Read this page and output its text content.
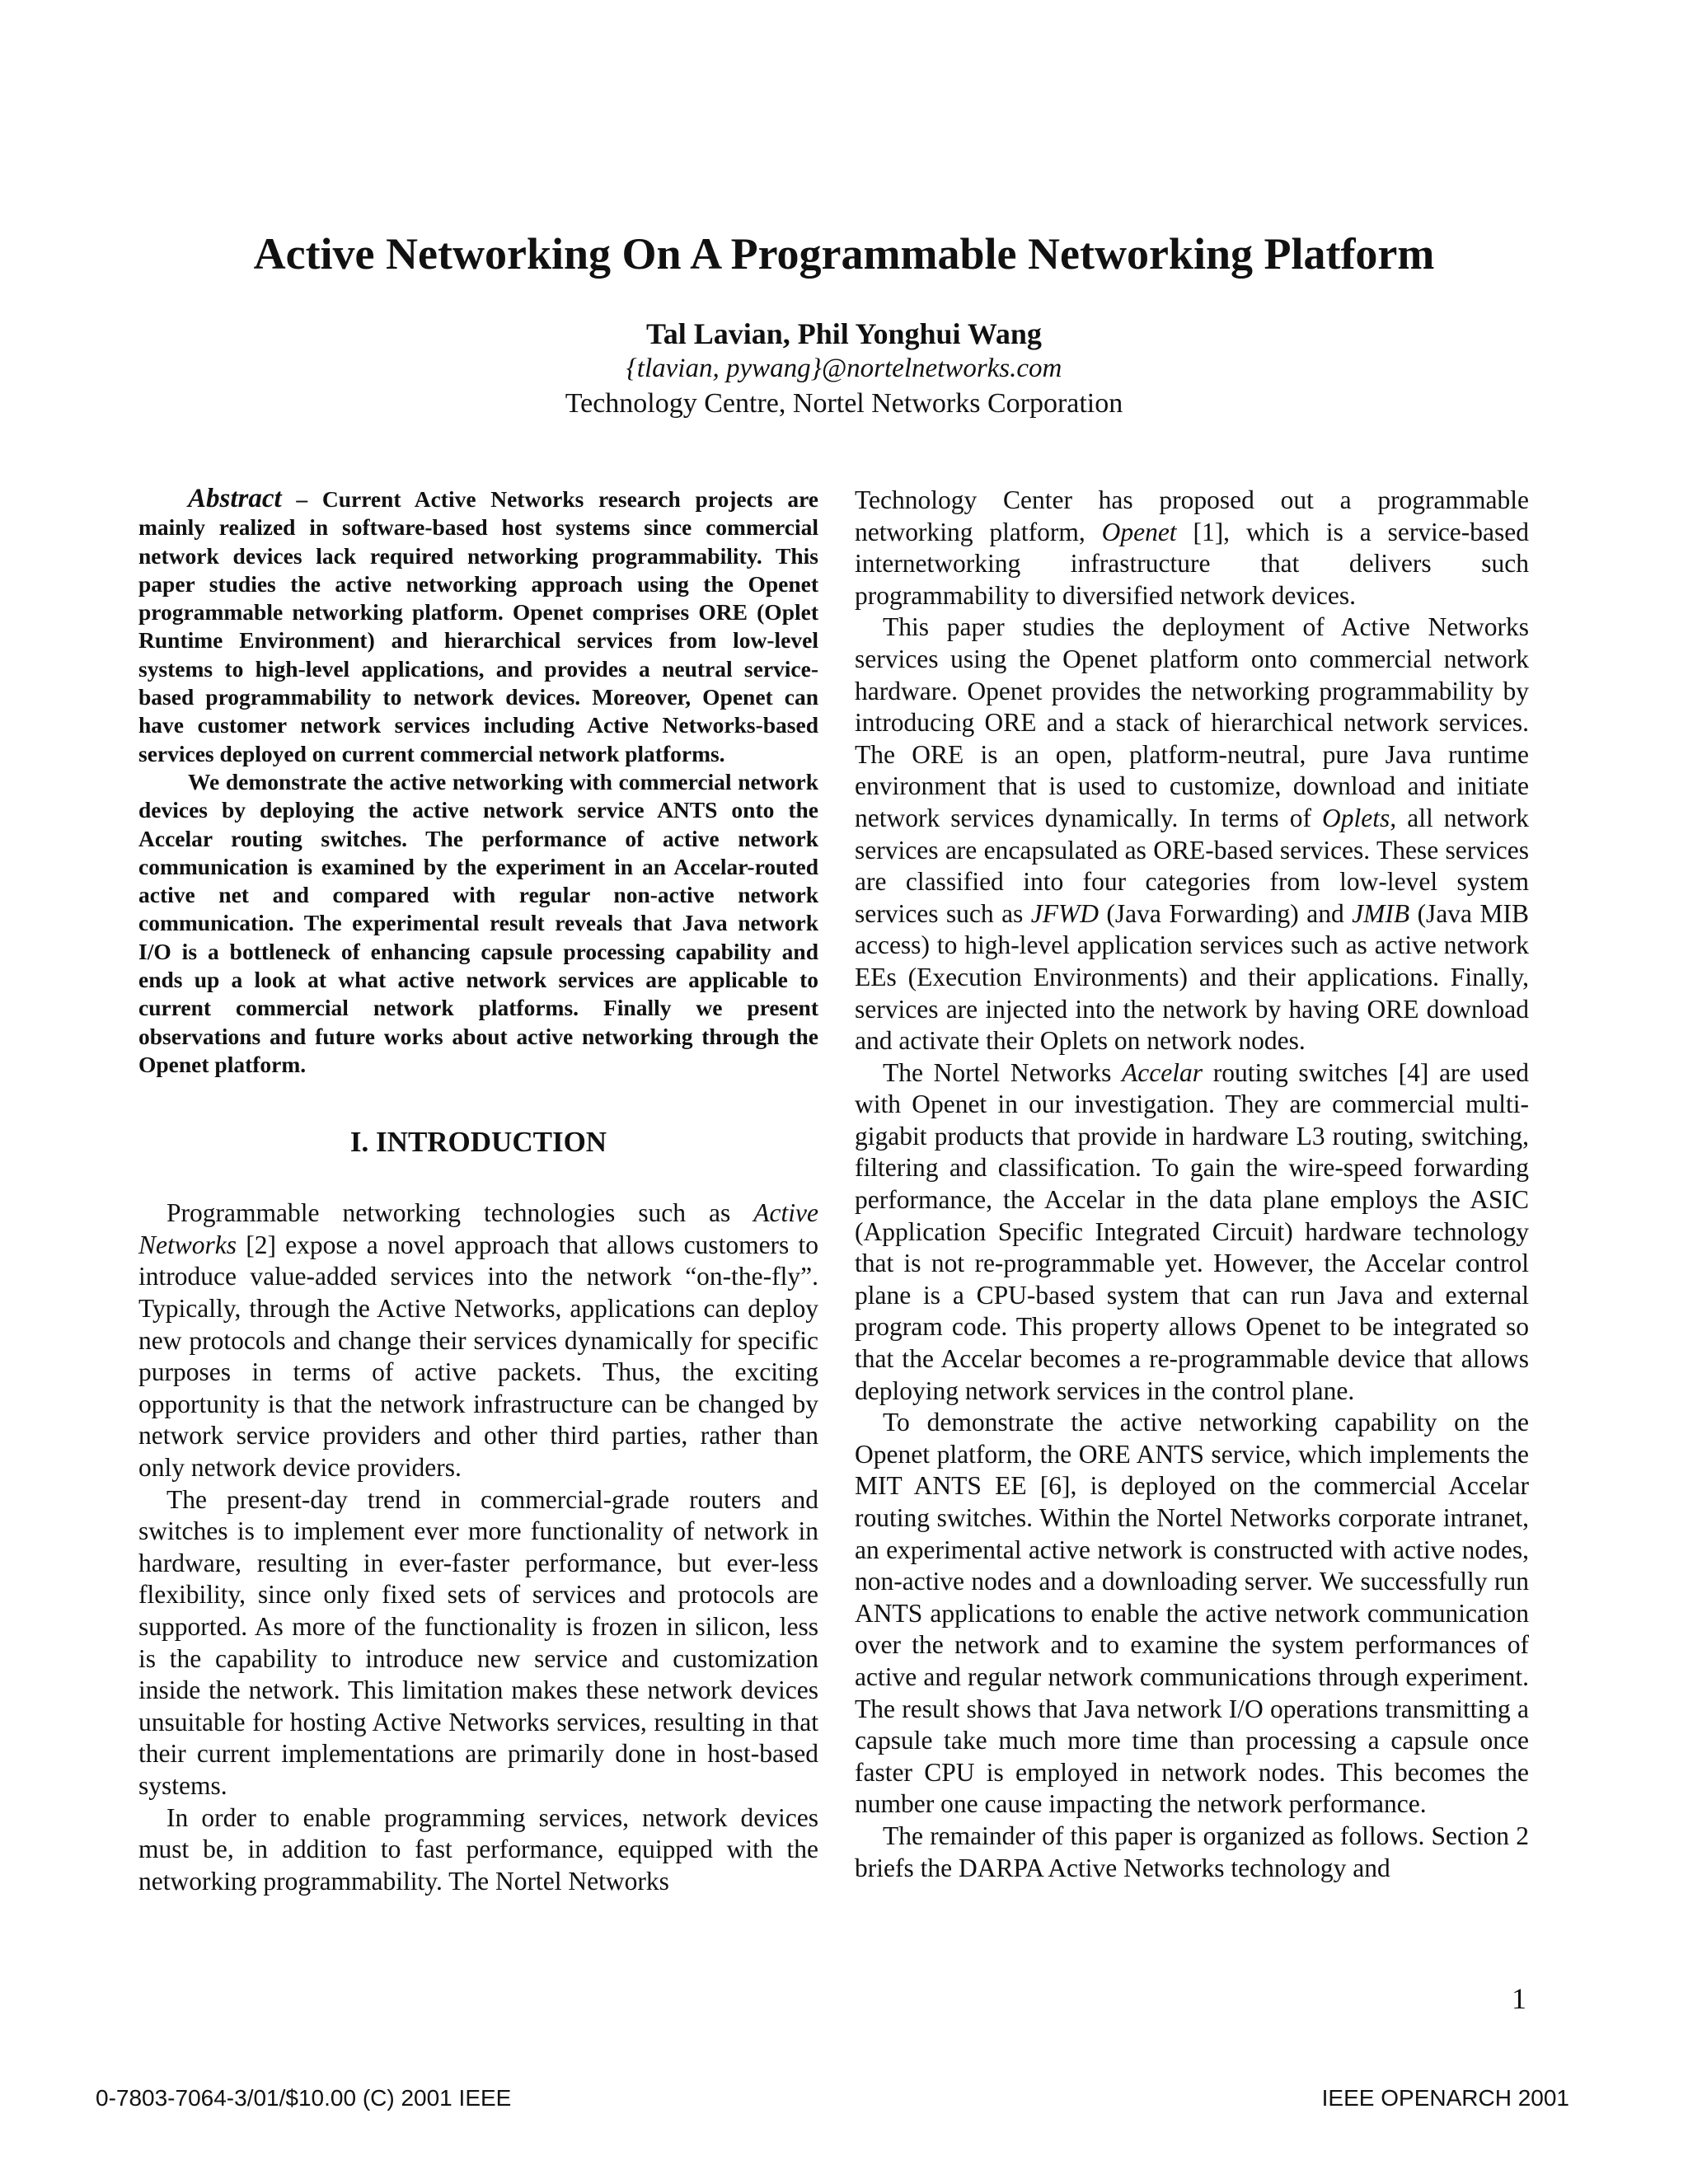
Active Networking On A Programmable Networking Platform
Tal Lavian, Phil Yonghui Wang
{tlavian, pywang}@nortelnetworks.com
Technology Centre, Nortel Networks Corporation

Abstract – Current Active Networks research projects are mainly realized in software-based host systems since commercial network devices lack required networking programmability. This paper studies the active networking approach using the Openet programmable networking platform. Openet comprises ORE (Oplet Runtime Environment) and hierarchical services from low-level systems to high-level applications, and provides a neutral service-based programmability to network devices. Moreover, Openet can have customer network services including Active Networks-based services deployed on current commercial network platforms.

We demonstrate the active networking with commercial network devices by deploying the active network service ANTS onto the Accelar routing switches. The performance of active network communication is examined by the experiment in an Accelar-routed active net and compared with regular non-active network communication. The experimental result reveals that Java network I/O is a bottleneck of enhancing capsule processing capability and ends up a look at what active network services are applicable to current commercial network platforms. Finally we present observations and future works about active networking through the Openet platform.

I. INTRODUCTION

Programmable networking technologies such as Active Networks [2] expose a novel approach that allows customers to introduce value-added services into the network “on-the-fly”. Typically, through the Active Networks, applications can deploy new protocols and change their services dynamically for specific purposes in terms of active packets. Thus, the exciting opportunity is that the network infrastructure can be changed by network service providers and other third parties, rather than only network device providers.

The present-day trend in commercial-grade routers and switches is to implement ever more functionality of network in hardware, resulting in ever-faster performance, but ever-less flexibility, since only fixed sets of services and protocols are supported. As more of the functionality is frozen in silicon, less is the capability to introduce new service and customization inside the network. This limitation makes these network devices unsuitable for hosting Active Networks services, resulting in that their current implementations are primarily done in host-based systems.

In order to enable programming services, network devices must be, in addition to fast performance, equipped with the networking programmability. The Nortel Networks

Technology Center has proposed out a programmable networking platform, Openet [1], which is a service-based internetworking infrastructure that delivers such programmability to diversified network devices.

This paper studies the deployment of Active Networks services using the Openet platform onto commercial network hardware. Openet provides the networking programmability by introducing ORE and a stack of hierarchical network services. The ORE is an open, platform-neutral, pure Java runtime environment that is used to customize, download and initiate network services dynamically. In terms of Oplets, all network services are encapsulated as ORE-based services. These services are classified into four categories from low-level system services such as JFWD (Java Forwarding) and JMIB (Java MIB access) to high-level application services such as active network EEs (Execution Environments) and their applications. Finally, services are injected into the network by having ORE download and activate their Oplets on network nodes.

The Nortel Networks Accelar routing switches [4] are used with Openet in our investigation. They are commercial multi-gigabit products that provide in hardware L3 routing, switching, filtering and classification. To gain the wire-speed forwarding performance, the Accelar in the data plane employs the ASIC (Application Specific Integrated Circuit) hardware technology that is not re-programmable yet. However, the Accelar control plane is a CPU-based system that can run Java and external program code. This property allows Openet to be integrated so that the Accelar becomes a re-programmable device that allows deploying network services in the control plane.

To demonstrate the active networking capability on the Openet platform, the ORE ANTS service, which implements the MIT ANTS EE [6], is deployed on the commercial Accelar routing switches. Within the Nortel Networks corporate intranet, an experimental active network is constructed with active nodes, non-active nodes and a downloading server. We successfully run ANTS applications to enable the active network communication over the network and to examine the system performances of active and regular network communications through experiment. The result shows that Java network I/O operations transmitting a capsule take much more time than processing a capsule once faster CPU is employed in network nodes. This becomes the number one cause impacting the network performance.

The remainder of this paper is organized as follows. Section 2 briefs the DARPA Active Networks technology and

1
0-7803-7064-3/01/$10.00 (C) 2001 IEEE	IEEE OPENARCH 2001
